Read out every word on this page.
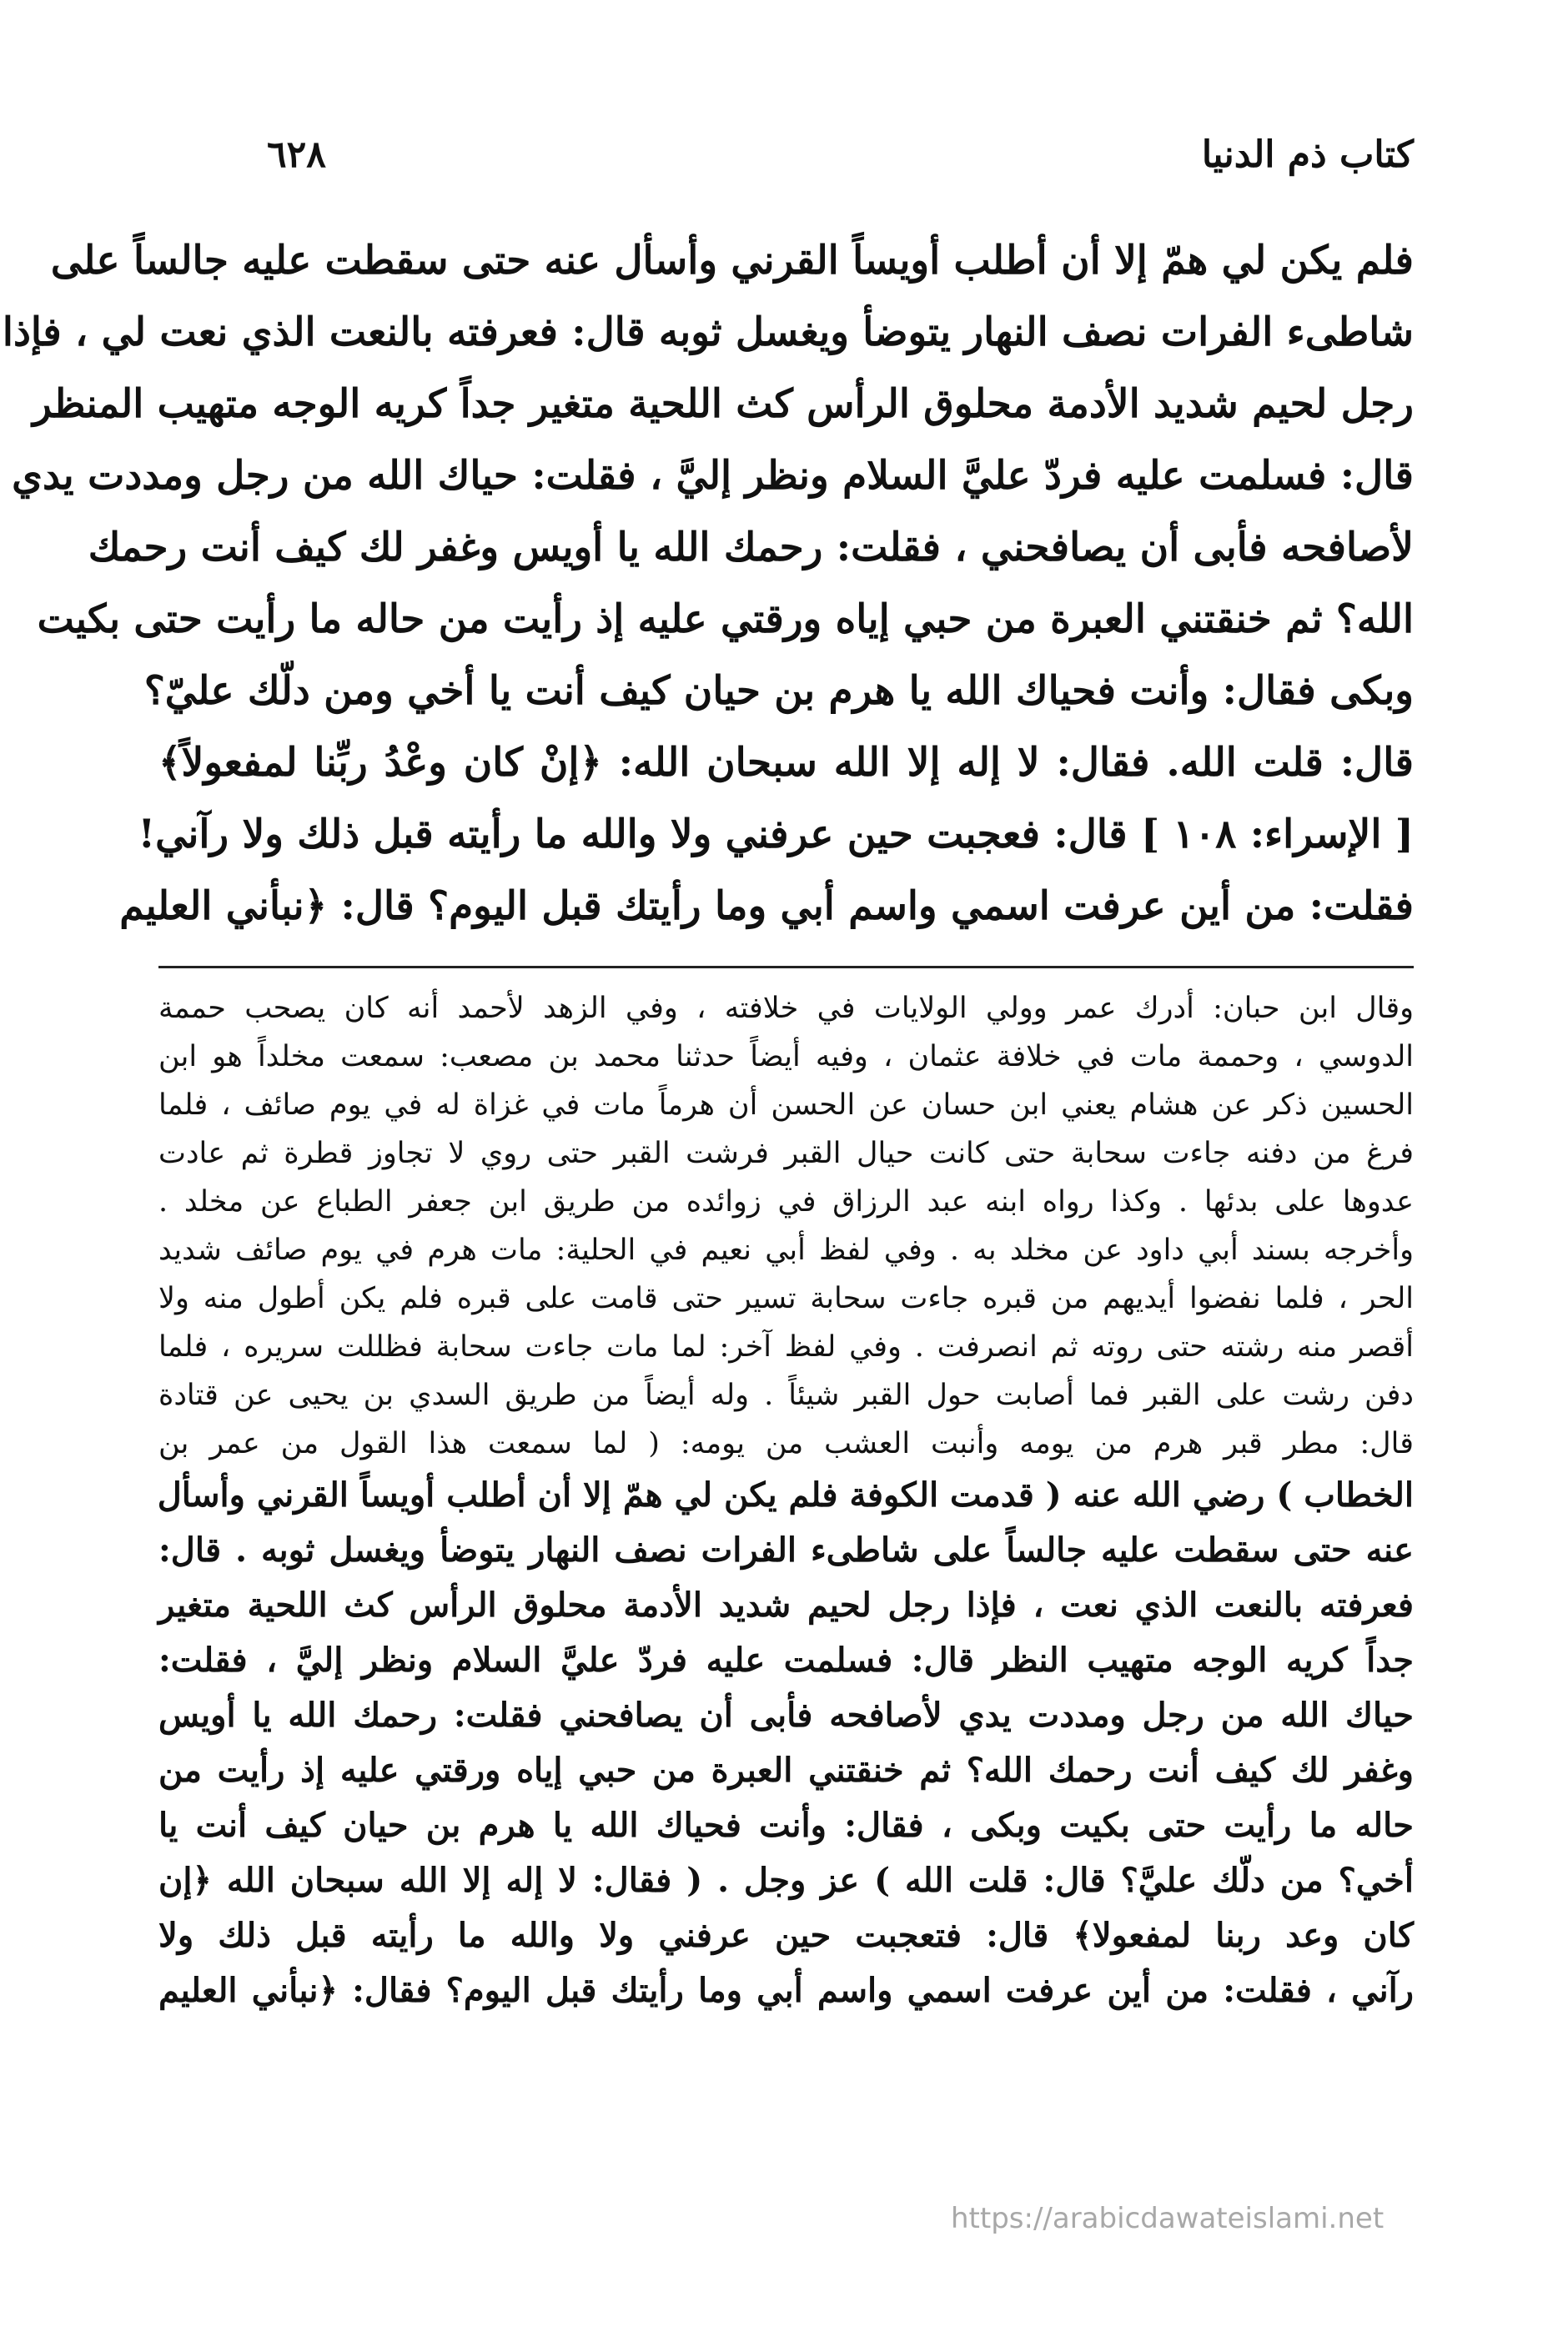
كتاب ذم الدنيا
٦٢٨
فلم يكن لي همّ إلا أن أطلب أويساً القرني وأسأل عنه حتى سقطت عليه جالساً على
شاطىء الفرات نصف النهار يتوضأ ويغسل ثوبه قال: فعرفته بالنعت الذي نعت لي ، فإذا
رجل لحيم شديد الأدمة محلوق الرأس كث اللحية متغير جداً كريه الوجه متهيب المنظر
قال: فسلمت عليه فردّ عليَّ السلام ونظر إليَّ ، فقلت: حياك الله من رجل ومددت يدي
لأصافحه فأبى أن يصافحني ، فقلت: رحمك الله يا أويس وغفر لك كيف أنت رحمك
الله؟ ثم خنقتني العبرة من حبي إياه ورقتي عليه إذ رأيت من حاله ما رأيت حتى بكيت
وبكى فقال: وأنت فحياك الله يا هرم بن حيان كيف أنت يا أخي ومن دلّك عليّ؟
قال: قلت الله. فقال: لا إله إلا الله سبحان الله: ﴿إنْ كان وعْدُ ربِّنا لمفعولاً﴾
[ الإسراء: ١٠٨ ] قال: فعجبت حين عرفني ولا والله ما رأيته قبل ذلك ولا رآني!
فقلت: من أين عرفت اسمي واسم أبي وما رأيتك قبل اليوم؟ قال: ﴿نبأني العليم
وقال ابن حبان: أدرك عمر وولي الولايات في خلافته ، وفي الزهد لأحمد أنه كان يصحب حممة
الدوسي ، وحممة مات في خلافة عثمان ، وفيه أيضاً حدثنا محمد بن مصعب: سمعت مخلداً هو ابن
الحسين ذكر عن هشام يعني ابن حسان عن الحسن أن هرماً مات في غزاة له في يوم صائف ، فلما
فرغ من دفنه جاءت سحابة حتى كانت حيال القبر فرشت القبر حتى روي لا تجاوز قطرة ثم عادت
عدوها على بدئها . وكذا رواه ابنه عبد الرزاق في زوائده من طريق ابن جعفر الطباع عن مخلد .
وأخرجه بسند أبي داود عن مخلد به . وفي لفظ أبي نعيم في الحلية: مات هرم في يوم صائف شديد
الحر ، فلما نفضوا أيديهم من قبره جاءت سحابة تسير حتى قامت على قبره فلم يكن أطول منه ولا
أقصر منه رشته حتى روته ثم انصرفت . وفي لفظ آخر: لما مات جاءت سحابة فظللت سريره ، فلما
دفن رشت على القبر فما أصابت حول القبر شيئاً . وله أيضاً من طريق السدي بن يحيى عن قتادة
قال: مطر قبر هرم من يومه وأنبت العشب من يومه: ( لما سمعت هذا القول من عمر بن
الخطاب ) رضي الله عنه ( قدمت الكوفة فلم يكن لي همّ إلا أن أطلب أويساً القرني وأسأل
عنه حتى سقطت عليه جالساً على شاطىء الفرات نصف النهار يتوضأ ويغسل ثوبه . قال:
فعرفته بالنعت الذي نعت ، فإذا رجل لحيم شديد الأدمة محلوق الرأس كث اللحية متغير
جداً كريه الوجه متهيب النظر قال: فسلمت عليه فردّ عليَّ السلام ونظر إليَّ ، فقلت:
حياك الله من رجل ومددت يدي لأصافحه فأبى أن يصافحني فقلت: رحمك الله يا أويس
وغفر لك كيف أنت رحمك الله؟ ثم خنقتني العبرة من حبي إياه ورقتي عليه إذ رأيت من
حاله ما رأيت حتى بكيت وبكى ، فقال: وأنت فحياك الله يا هرم بن حيان كيف أنت يا
أخي؟ من دلّك عليَّ؟ قال: قلت الله ) عز وجل . ( فقال: لا إله إلا الله سبحان الله ﴿إن
كان وعد ربنا لمفعولا﴾ قال: فتعجبت حين عرفني ولا والله ما رأيته قبل ذلك ولا
رآني ، فقلت: من أين عرفت اسمي واسم أبي وما رأيتك قبل اليوم؟ فقال: ﴿نبأني العليم
https://arabicdawateislami.net
